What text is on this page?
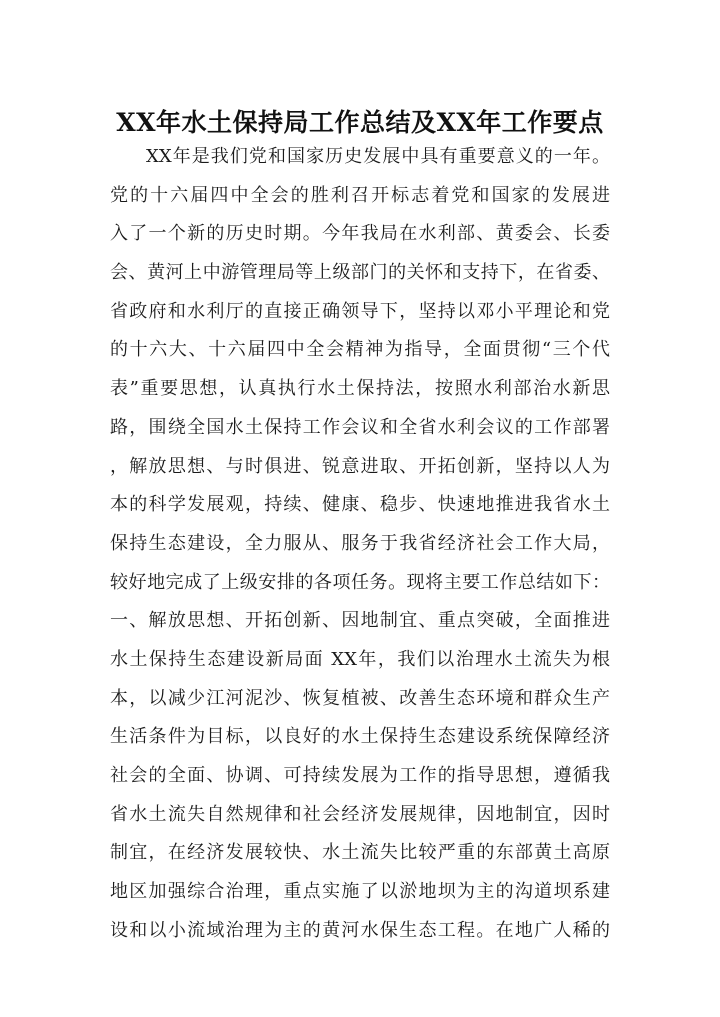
XX年水土保持局工作总结及XX年工作要点
XX年是我们党和国家历史发展中具有重要意义的一年。
党的十六届四中全会的胜利召开标志着党和国家的发展进
入了一个新的历史时期。今年我局在水利部、黄委会、长委
会、黄河上中游管理局等上级部门的关怀和支持下，在省委、
省政府和水利厅的直接正确领导下，坚持以邓小平理论和党
的十六大、十六届四中全会精神为指导，全面贯彻“三个代
表”重要思想，认真执行水土保持法，按照水利部治水新思
路，围绕全国水土保持工作会议和全省水利会议的工作部署
，解放思想、与时俱进、锐意进取、开拓创新，坚持以人为
本的科学发展观，持续、健康、稳步、快速地推进我省水土
保持生态建设，全力服从、服务于我省经济社会工作大局，
较好地完成了上级安排的各项任务。现将主要工作总结如下：
一、解放思想、开拓创新、因地制宜、重点突破，全面推进
水土保持生态建设新局面 XX年，我们以治理水土流失为根
本，以减少江河泥沙、恢复植被、改善生态环境和群众生产
生活条件为目标，以良好的水土保持生态建设系统保障经济
社会的全面、协调、可持续发展为工作的指导思想，遵循我
省水土流失自然规律和社会经济发展规律，因地制宜，因时
制宜，在经济发展较快、水土流失比较严重的东部黄土高原
地区加强综合治理，重点实施了以淤地坝为主的沟道坝系建
设和以小流域治理为主的黄河水保生态工程。在地广人稀的
